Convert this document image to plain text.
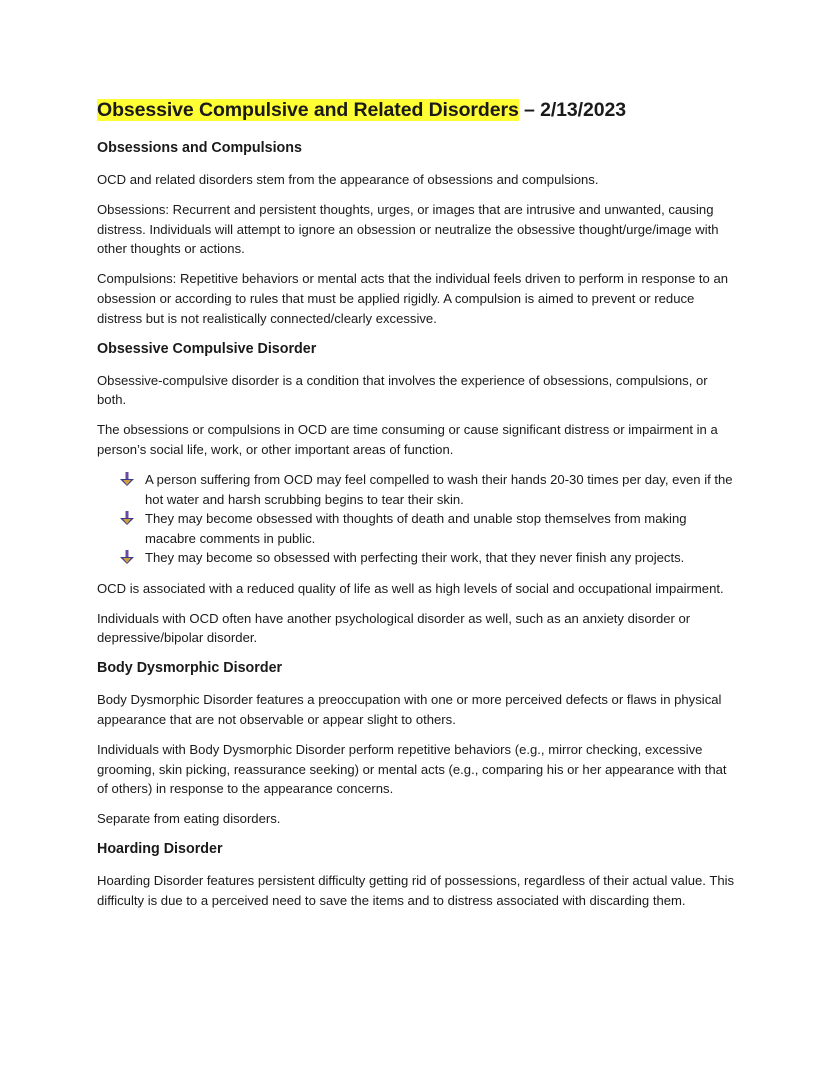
Obsessive Compulsive and Related Disorders – 2/13/2023
Obsessions and Compulsions

OCD and related disorders stem from the appearance of obsessions and compulsions.

Obsessions: Recurrent and persistent thoughts, urges, or images that are intrusive and unwanted, causing distress. Individuals will attempt to ignore an obsession or neutralize the obsessive thought/urge/image with other thoughts or actions.

Compulsions: Repetitive behaviors or mental acts that the individual feels driven to perform in response to an obsession or according to rules that must be applied rigidly. A compulsion is aimed to prevent or reduce distress but is not realistically connected/clearly excessive.

Obsessive Compulsive Disorder

Obsessive-compulsive disorder is a condition that involves the experience of obsessions, compulsions, or both.

The obsessions or compulsions in OCD are time consuming or cause significant distress or impairment in a person’s social life, work, or other important areas of function.

A person suffering from OCD may feel compelled to wash their hands 20-30 times per day, even if the hot water and harsh scrubbing begins to tear their skin.
They may become obsessed with thoughts of death and unable stop themselves from making macabre comments in public.
They may become so obsessed with perfecting their work, that they never finish any projects.

OCD is associated with a reduced quality of life as well as high levels of social and occupational impairment.

Individuals with OCD often have another psychological disorder as well, such as an anxiety disorder or depressive/bipolar disorder.

Body Dysmorphic Disorder

Body Dysmorphic Disorder features a preoccupation with one or more perceived defects or flaws in physical appearance that are not observable or appear slight to others.

Individuals with Body Dysmorphic Disorder perform repetitive behaviors (e.g., mirror checking, excessive grooming, skin picking, reassurance seeking) or mental acts (e.g., comparing his or her appearance with that of others) in response to the appearance concerns.

Separate from eating disorders.

Hoarding Disorder

Hoarding Disorder features persistent difficulty getting rid of possessions, regardless of their actual value. This difficulty is due to a perceived need to save the items and to distress associated with discarding them.
